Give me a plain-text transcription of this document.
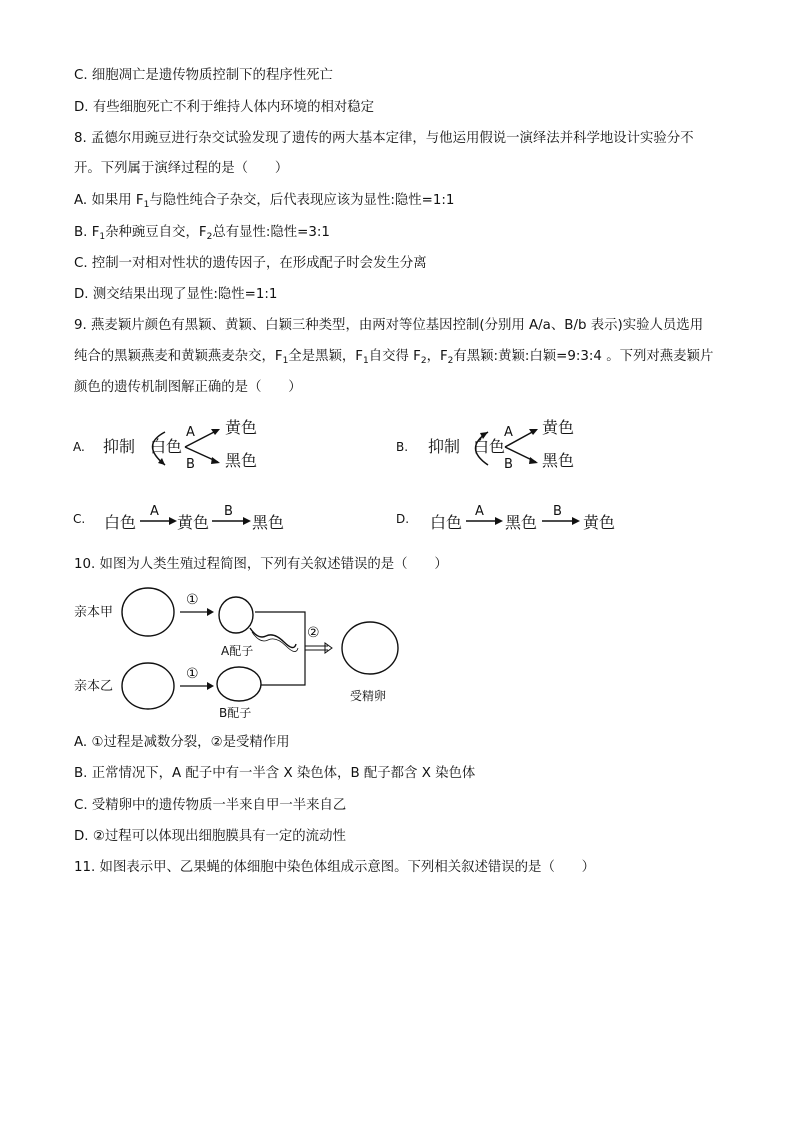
C. 细胞凋亡是遗传物质控制下的程序性死亡
D. 有些细胞死亡不利于维持人体内环境的相对稳定
8. 孟德尔用豌豆进行杂交试验发现了遗传的两大基本定律，与他运用假说一演绎法并科学地设计实验分不
开。下列属于演绎过程的是（　　）
A. 如果用 $F_1$与隐性纯合子杂交，后代表现应该为显性:隐性=1:1
B. $F_1$杂种豌豆自交，$F_2$总有显性:隐性=3:1
C. 控制一对相对性状的遗传因子，在形成配子时会发生分离
D. 测交结果出现了显性:隐性=1:1
9. 燕麦颖片颜色有黑颖、黄颖、白颖三种类型，由两对等位基因控制(分别用 A/a、B/b 表示)实验人员选用
纯合的黑颖燕麦和黄颖燕麦杂交，$F_1$全是黑颖，$F_1$自交得 $F_2$，$F_2$有黑颖:黄颖:白颖=9:3:4 。下列对燕麦颖片
颜色的遗传机制图解正确的是（　　）
A. 抑制 白色
A
B
黄色
黑色
B. 抑制 白色
A
B
黄色
黑色
C. 白色
A
黄色
B
黑色	D. 白色
A
黑色
B
黄色
10. 如图为人类生殖过程简图，下列有关叙述错误的是（　　）
亲本甲
①
A配子
亲本乙
①
B配子
②
受精卵
A. ①过程是减数分裂，②是受精作用
B. 正常情况下，A 配子中有一半含 X 染色体，B 配子都含 X 染色体
C. 受精卵中的遗传物质一半来自甲一半来自乙
D. ②过程可以体现出细胞膜具有一定的流动性
11. 如图表示甲、乙果蝇的体细胞中染色体组成示意图。下列相关叙述错误的是（　　）
